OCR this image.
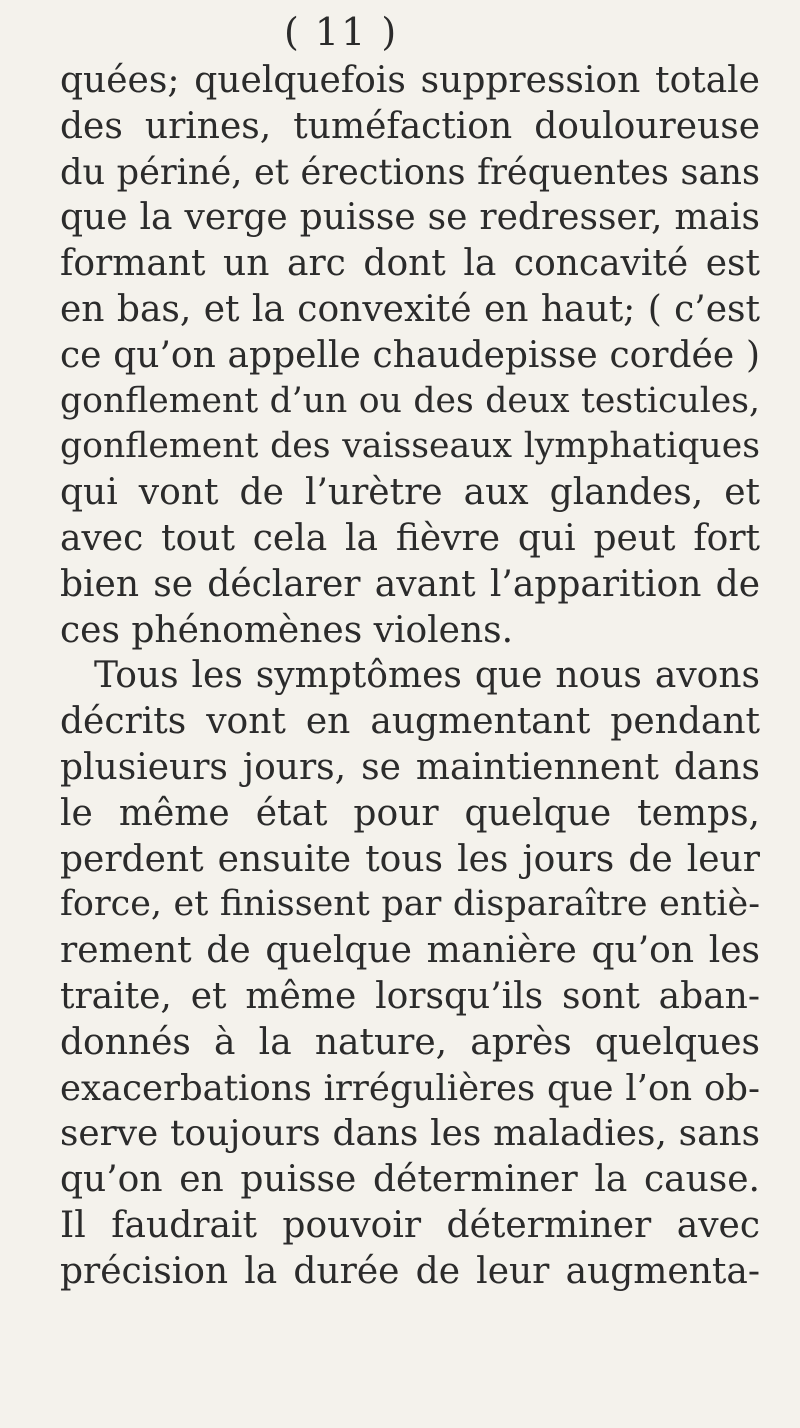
( 11 )
quées; quelquefois suppression totale
des urines, tuméfaction douloureuse
du périné, et érections fréquentes sans
que la verge puisse se redresser, mais
formant un arc dont la concavité est
en bas, et la convexité en haut; ( c’est
ce qu’on appelle chaudepisse cordée )
gonflement d’un ou des deux testicules,
gonflement des vaisseaux lymphatiques
qui vont de l’urètre aux glandes, et
avec tout cela la fièvre qui peut fort
bien se déclarer avant l’apparition de
ces phénomènes violens.
Tous les symptômes que nous avons
décrits vont en augmentant pendant
plusieurs jours, se maintiennent dans
le même état pour quelque temps,
perdent ensuite tous les jours de leur
force, et finissent par disparaître entiè-
rement de quelque manière qu’on les
traite, et même lorsqu’ils sont aban-
donnés à la nature, après quelques
exacerbations irrégulières que l’on ob-
serve toujours dans les maladies, sans
qu’on en puisse déterminer la cause.
Il faudrait pouvoir déterminer avec
précision la durée de leur augmenta-
